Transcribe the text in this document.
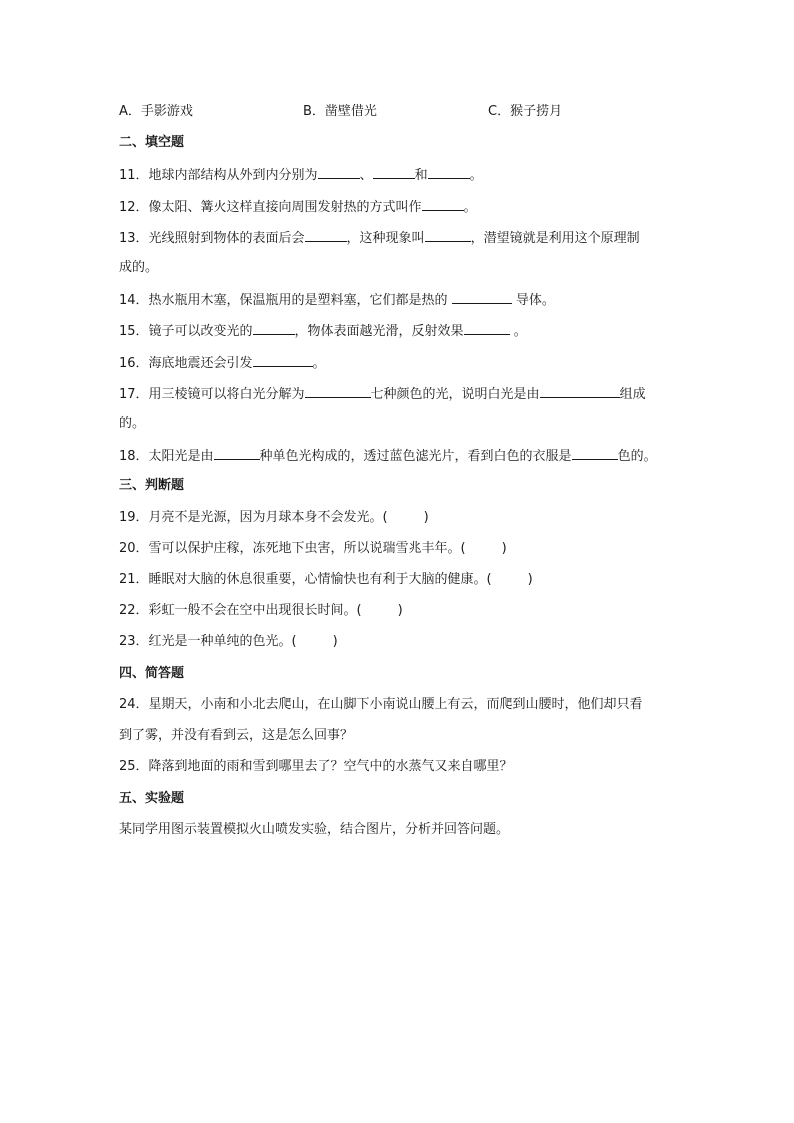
A．手影游戏	B．凿壁借光	C．猴子捞月
二、填空题
11．地球内部结构从外到内分别为	、	和	。
12．像太阳、篝火这样直接向周围发射热的方式叫作	。
13．光线照射到物体的表面后会	，这种现象叫	，潜望镜就是利用这个原理制
成的。
14．热水瓶用木塞，保温瓶用的是塑料塞，它们都是热的	导体。
15．镜子可以改变光的	，物体表面越光滑，反射效果	。
16．海底地震还会引发	。
17．用三棱镜可以将白光分解为	七种颜色的光，说明白光是由	组成
的。
18．太阳光是由	种单色光构成的，透过蓝色滤光片，看到白色的衣服是	色的。
三、判断题
19．月亮不是光源，因为月球本身不会发光。(	)
20．雪可以保护庄稼，冻死地下虫害，所以说瑞雪兆丰年。(	)
21．睡眠对大脑的休息很重要，心情愉快也有利于大脑的健康。(	)
22．彩虹一般不会在空中出现很长时间。(	)
23．红光是一种单纯的色光。(	)
四、简答题
24．星期天，小南和小北去爬山，在山脚下小南说山腰上有云，而爬到山腰时，他们却只看
到了雾，并没有看到云，这是怎么回事？
25．降落到地面的雨和雪到哪里去了？空气中的水蒸气又来自哪里？
五、实验题
某同学用图示装置模拟火山喷发实验，结合图片，分析并回答问题。
